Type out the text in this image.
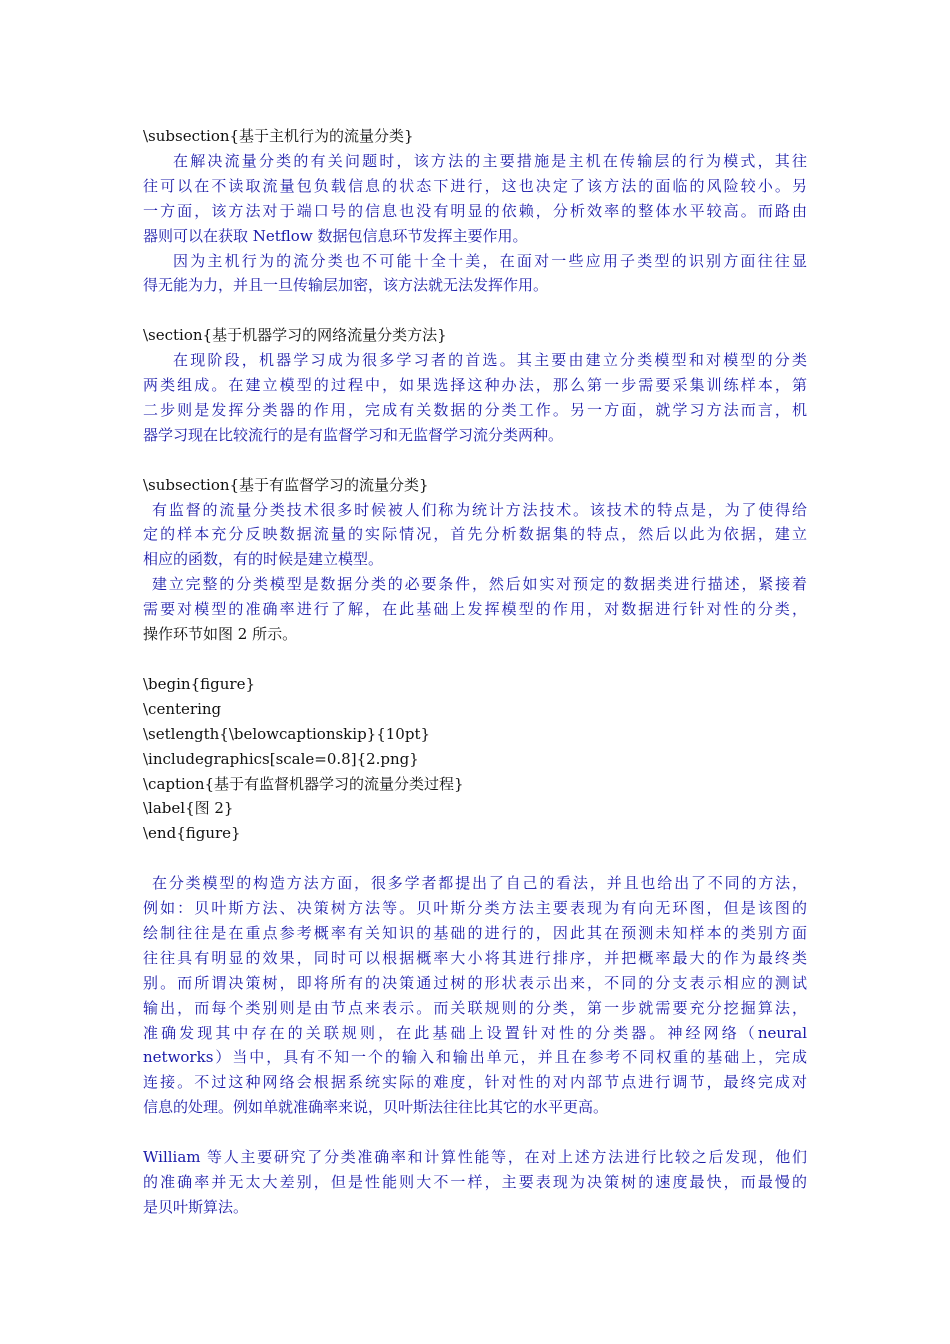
\subsection{基于主机行为的流量分类}

在解决流量分类的有关问题时，该方法的主要措施是主机在传输层的行为模式，其往

往可以在不读取流量包负载信息的状态下进行，这也决定了该方法的面临的风险较小。另

一方面，该方法对于端口号的信息也没有明显的依赖，分析效率的整体水平较高。而路由

器则可以在获取 Netflow 数据包信息环节发挥主要作用。

因为主机行为的流分类也不可能十全十美，在面对一些应用子类型的识别方面往往显

得无能为力，并且一旦传输层加密，该方法就无法发挥作用。

\section{基于机器学习的网络流量分类方法}

在现阶段，机器学习成为很多学习者的首选。其主要由建立分类模型和对模型的分类

两类组成。在建立模型的过程中，如果选择这种办法，那么第一步需要采集训练样本，第

二步则是发挥分类器的作用，完成有关数据的分类工作。另一方面，就学习方法而言，机

器学习现在比较流行的是有监督学习和无监督学习流分类两种。

\subsection{基于有监督学习的流量分类}

有监督的流量分类技术很多时候被人们称为统计方法技术。该技术的特点是，为了使得给

定的样本充分反映数据流量的实际情况，首先分析数据集的特点，然后以此为依据，建立

相应的函数，有的时候是建立模型。

建立完整的分类模型是数据分类的必要条件，然后如实对预定的数据类进行描述，紧接着

需要对模型的准确率进行了解，在此基础上发挥模型的作用，对数据进行针对性的分类，

操作环节如图 2 所示。

\begin{figure}
\centering
\setlength{\belowcaptionskip}{10pt}
\includegraphics[scale=0.8]{2.png}
\caption{基于有监督机器学习的流量分类过程}
\label{图 2}
\end{figure}

在分类模型的构造方法方面，很多学者都提出了自己的看法，并且也给出了不同的方法，

例如：贝叶斯方法、决策树方法等。贝叶斯分类方法主要表现为有向无环图，但是该图的

绘制往往是在重点参考概率有关知识的基础的进行的，因此其在预测未知样本的类别方面

往往具有明显的效果，同时可以根据概率大小将其进行排序，并把概率最大的作为最终类

别。而所谓决策树，即将所有的决策通过树的形状表示出来，不同的分支表示相应的测试

输出，而每个类别则是由节点来表示。而关联规则的分类，第一步就需要充分挖掘算法，

准确发现其中存在的关联规则，在此基础上设置针对性的分类器。神经网络（neural

networks）当中，具有不知一个的输入和输出单元，并且在参考不同权重的基础上，完成

连接。不过这种网络会根据系统实际的难度，针对性的对内部节点进行调节，最终完成对

信息的处理。例如单就准确率来说，贝叶斯法往往比其它的水平更高。

William 等人主要研究了分类准确率和计算性能等，在对上述方法进行比较之后发现，他们

的准确率并无太大差别，但是性能则大不一样，主要表现为决策树的速度最快，而最慢的

是贝叶斯算法。
